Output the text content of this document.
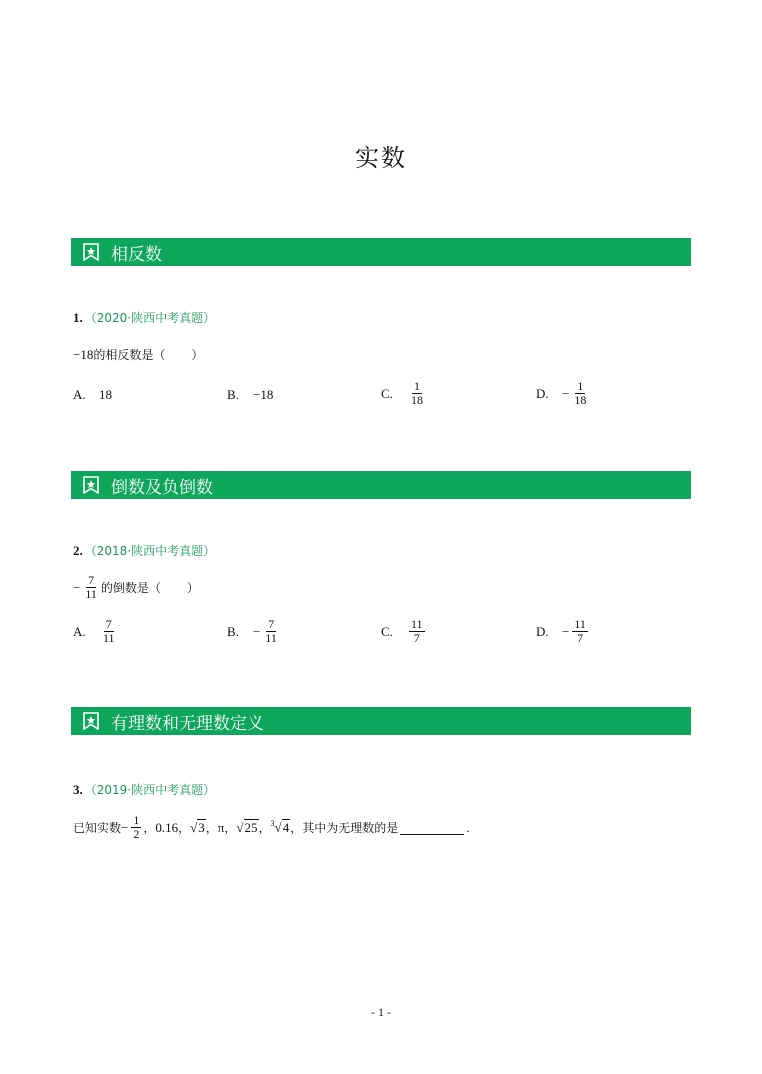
实数
相反数
1. （2020·陕西中考真题）
−18 的相反数是（ ）
A.	18	B.	−18	C.	$\frac{1}{18}$	D.	− $\frac{1}{18}$
倒数及负倒数
2. （2018·陕西中考真题）
− $\frac{7}{11}$ 的倒数是（ ）
A.	$\frac{7}{11}$	B.	− $\frac{7}{11}$	C.	$\frac{11}{7}$	D.	− $\frac{11}{7}$
有理数和无理数定义
3. （2019·陕西中考真题）
已知实数 − $\frac{1}{2}$ ， 0.16 ， √3 ， π ， √25 ， $^3$√4 ， 其中为无理数的是	.
- 1 -
